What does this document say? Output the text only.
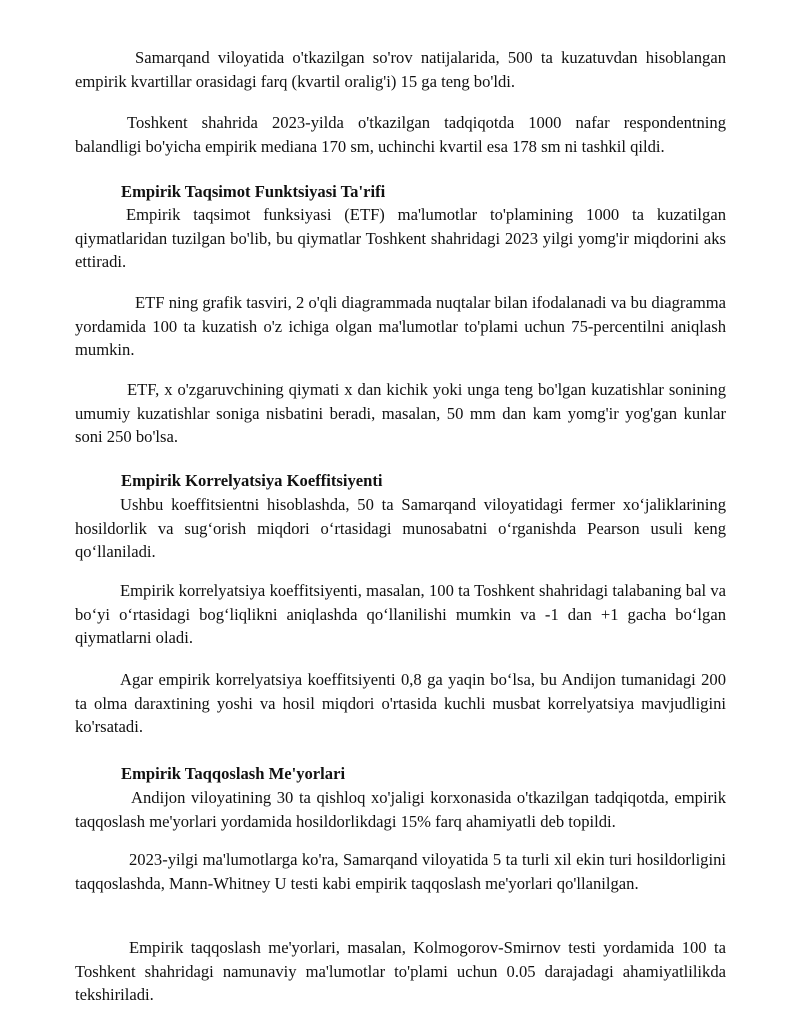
Samarqand viloyatida o'tkazilgan so'rov natijalarida, 500 ta kuzatuvdan hisoblangan empirik kvartillar orasidagi farq (kvartil oralig'i) 15 ga teng bo'ldi.

Toshkent shahrida 2023-yilda o'tkazilgan tadqiqotda 1000 nafar respondentning balandligi bo'yicha empirik mediana 170 sm, uchinchi kvartil esa 178 sm ni tashkil qildi.

Empirik Taqsimot Funktsiyasi Ta'rifi

Empirik taqsimot funksiyasi (ETF) ma'lumotlar to'plamining 1000 ta kuzatilgan qiymatlaridan tuzilgan bo'lib, bu qiymatlar Toshkent shahridagi 2023 yilgi yomg'ir miqdorini aks ettiradi.

ETF ning grafik tasviri, 2 o'qli diagrammada nuqtalar bilan ifodalanadi va bu diagramma yordamida 100 ta kuzatish o'z ichiga olgan ma'lumotlar to'plami uchun 75-percentilni aniqlash mumkin.

ETF, x o'zgaruvchining qiymati x dan kichik yoki unga teng bo'lgan kuzatishlar sonining umumiy kuzatishlar soniga nisbatini beradi, masalan, 50 mm dan kam yomg'ir yog'gan kunlar soni 250 bo'lsa.

Empirik Korrelyatsiya Koeffitsiyenti

Ushbu koeffitsientni hisoblashda, 50 ta Samarqand viloyatidagi fermer xo‘jaliklarining hosildorlik va sug‘orish miqdori o‘rtasidagi munosabatni o‘rganishda Pearson usuli keng qo‘llaniladi.

Empirik korrelyatsiya koeffitsiyenti, masalan, 100 ta Toshkent shahridagi talabaning bal va bo‘yi o‘rtasidagi bog‘liqlikni aniqlashda qo‘llanilishi mumkin va -1 dan +1 gacha bo‘lgan qiymatlarni oladi.

Agar empirik korrelyatsiya koeffitsiyenti 0,8 ga yaqin bo‘lsa, bu Andijon tumanidagi 200 ta olma daraxtining yoshi va hosil miqdori o'rtasida kuchli musbat korrelyatsiya mavjudligini ko'rsatadi.

Empirik Taqqoslash Me'yorlari

Andijon viloyatining 30 ta qishloq xo'jaligi korxonasida o'tkazilgan tadqiqotda, empirik taqqoslash me'yorlari yordamida hosildorlikdagi 15% farq ahamiyatli deb topildi.

2023-yilgi ma'lumotlarga ko'ra, Samarqand viloyatida 5 ta turli xil ekin turi hosildorligini taqqoslashda, Mann-Whitney U testi kabi empirik taqqoslash me'yorlari qo'llanilgan.

Empirik taqqoslash me'yorlari, masalan, Kolmogorov-Smirnov testi yordamida 100 ta Toshkent shahridagi namunaviy ma'lumotlar to'plami uchun 0.05 darajadagi ahamiyatlilikda tekshiriladi.
